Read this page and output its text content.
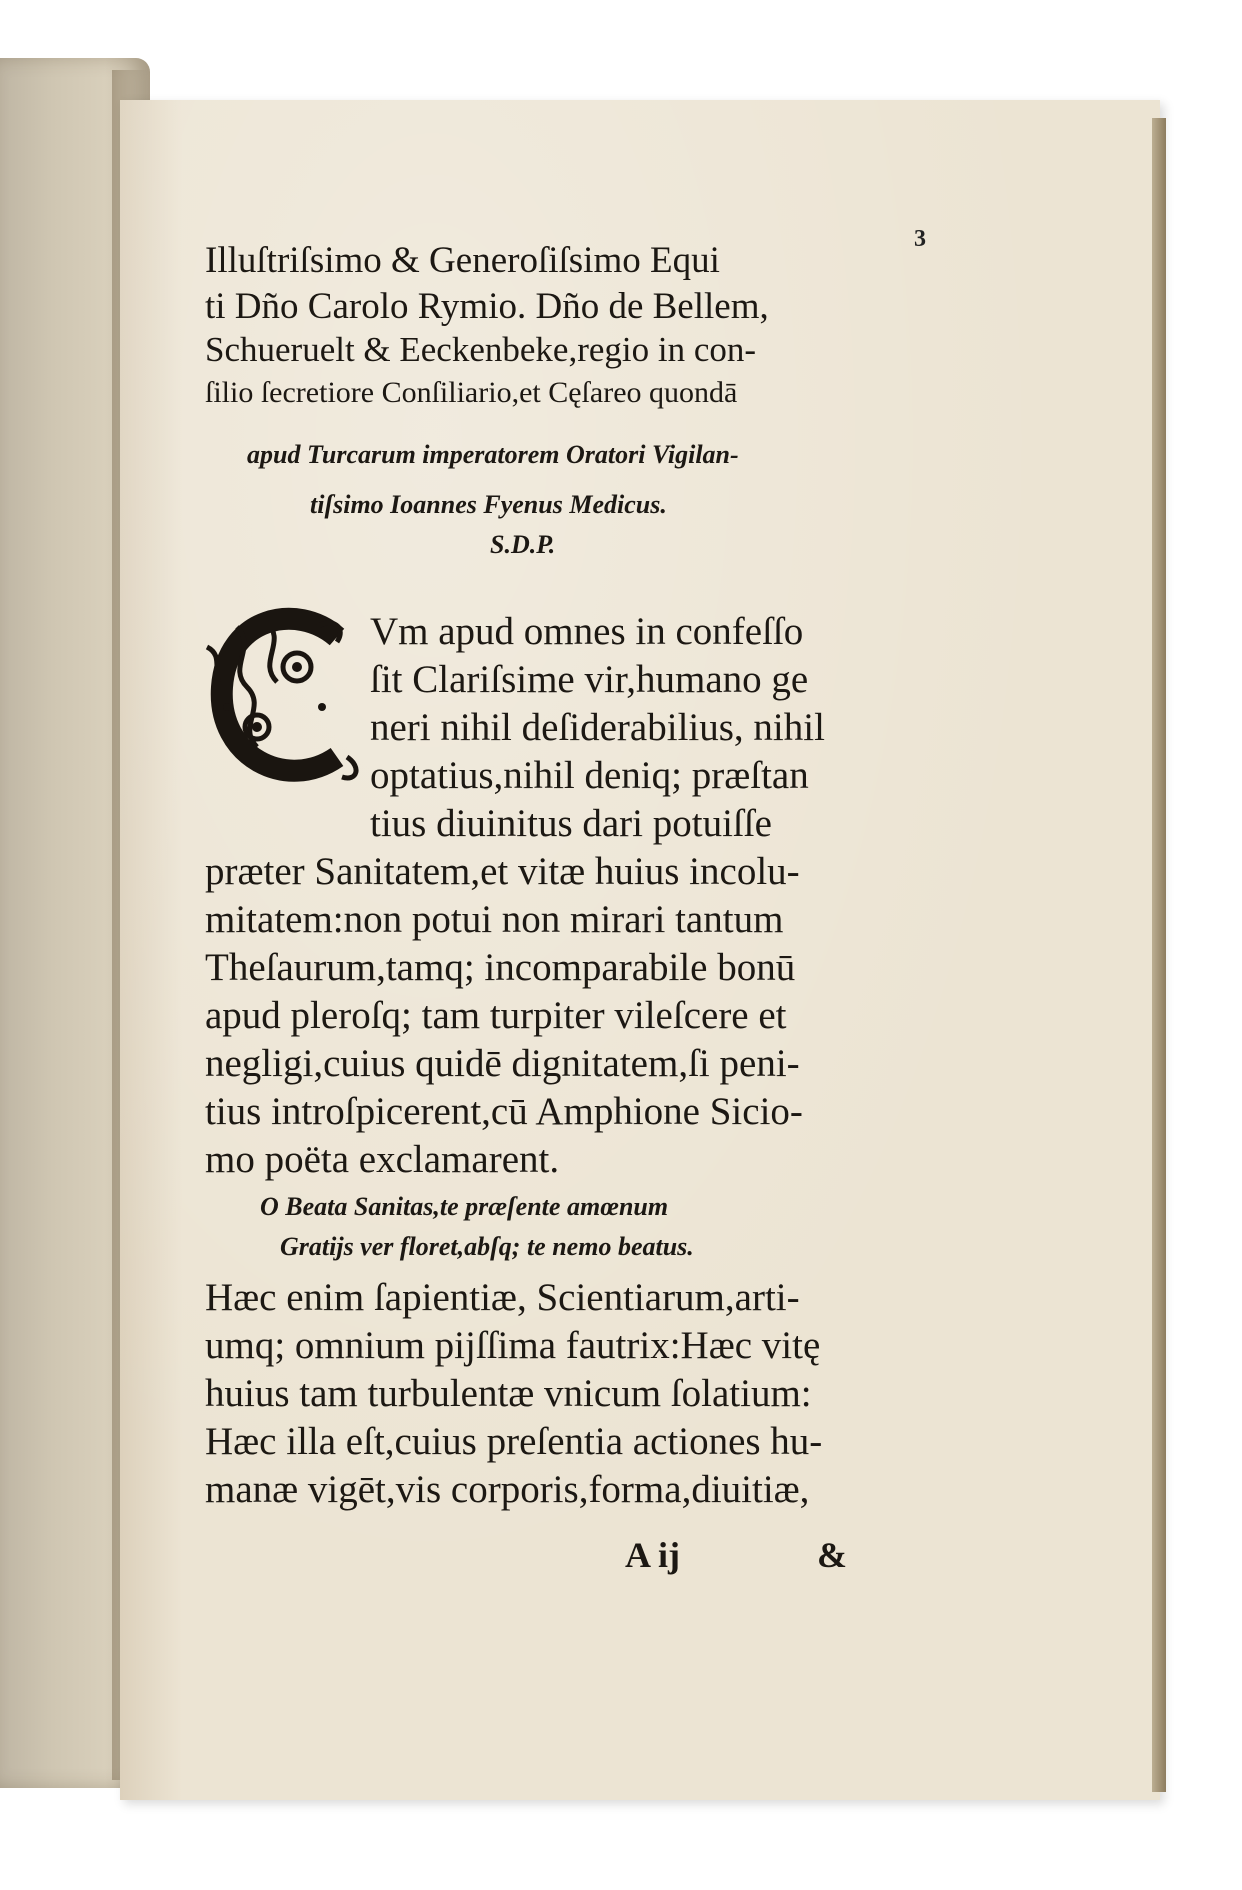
3
Illuſtriſsimo & Generoſiſsimo Equi
ti Dño Carolo Rymio. Dño de Bellem,
Schueruelt & Eeckenbeke,regio in con-
ſilio ſecretiore Conſiliario,et Cęſareo quondā
apud Turcarum imperatorem Oratori Vigilan-
tiſsimo Ioannes Fyenus Medicus.
S.D.P.
Vm apud omnes in confeſſo
ſit Clariſsime vir,humano ge
neri nihil deſiderabilius, nihil
optatius,nihil deniq; præſtan
tius diuinitus dari potuiſſe
præter Sanitatem,et vitæ huius incolu-
mitatem:non potui non mirari tantum
Theſaurum,tamq; incomparabile bonū
apud pleroſq; tam turpiter vileſcere et
negligi,cuius quidē dignitatem,ſi peni-
tius introſpicerent,cū Amphione Sicio-
mo poëta exclamarent.
O Beata Sanitas,te præſente amœnum
Gratijs ver floret,abſq; te nemo beatus.
Hæc enim ſapientiæ, Scientiarum,arti-
umq; omnium pijſſima fautrix:Hæc vitę
huius tam turbulentæ vnicum ſolatium:
Hæc illa eſt,cuius preſentia actiones hu-
manæ vigēt,vis corporis,forma,diuitiæ,
A ij	&
